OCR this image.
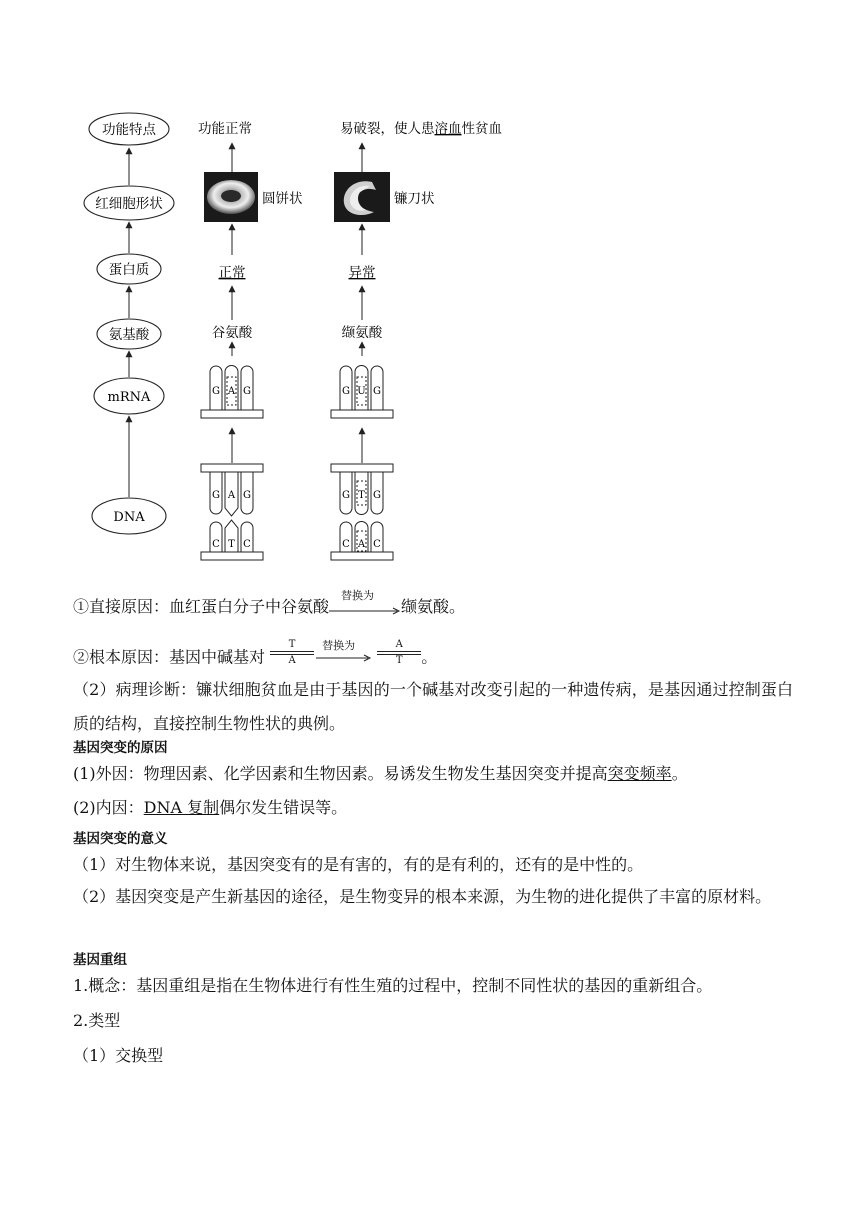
功能特点
红细胞形状
蛋白质
氨基酸
mRNA
DNA
功能正常	易破裂，使人患溶血性贫血
圆饼状	镰刀状
正常	异常
谷氨酸	缬氨酸
G A G	G U G
G A G
C T C
G T G
C A C
①直接原因：血红蛋白分子中谷氨酸
替换为
缬氨酸。
②根本原因：基因中碱基对 $\frac{T}{A}$ 替换为
$\frac{A}{T}$ 。
（2）病理诊断：镰状细胞贫血是由于基因的一个碱基对改变引起的一种遗传病，是基因通过控制蛋白质的结构，直接控制生物性状的典例。
基因突变的原因
(1)外因：物理因素、化学因素和生物因素。易诱发生物发生基因突变并提高突变频率。
(2)内因：DNA 复制偶尔发生错误等。
基因突变的意义
（1）对生物体来说，基因突变有的是有害的，有的是有利的，还有的是中性的。
（2）基因突变是产生新基因的途径，是生物变异的根本来源，为生物的进化提供了丰富的原材料。
基因重组
1.概念：基因重组是指在生物体进行有性生殖的过程中，控制不同性状的基因的重新组合。
2.类型
（1）交换型
